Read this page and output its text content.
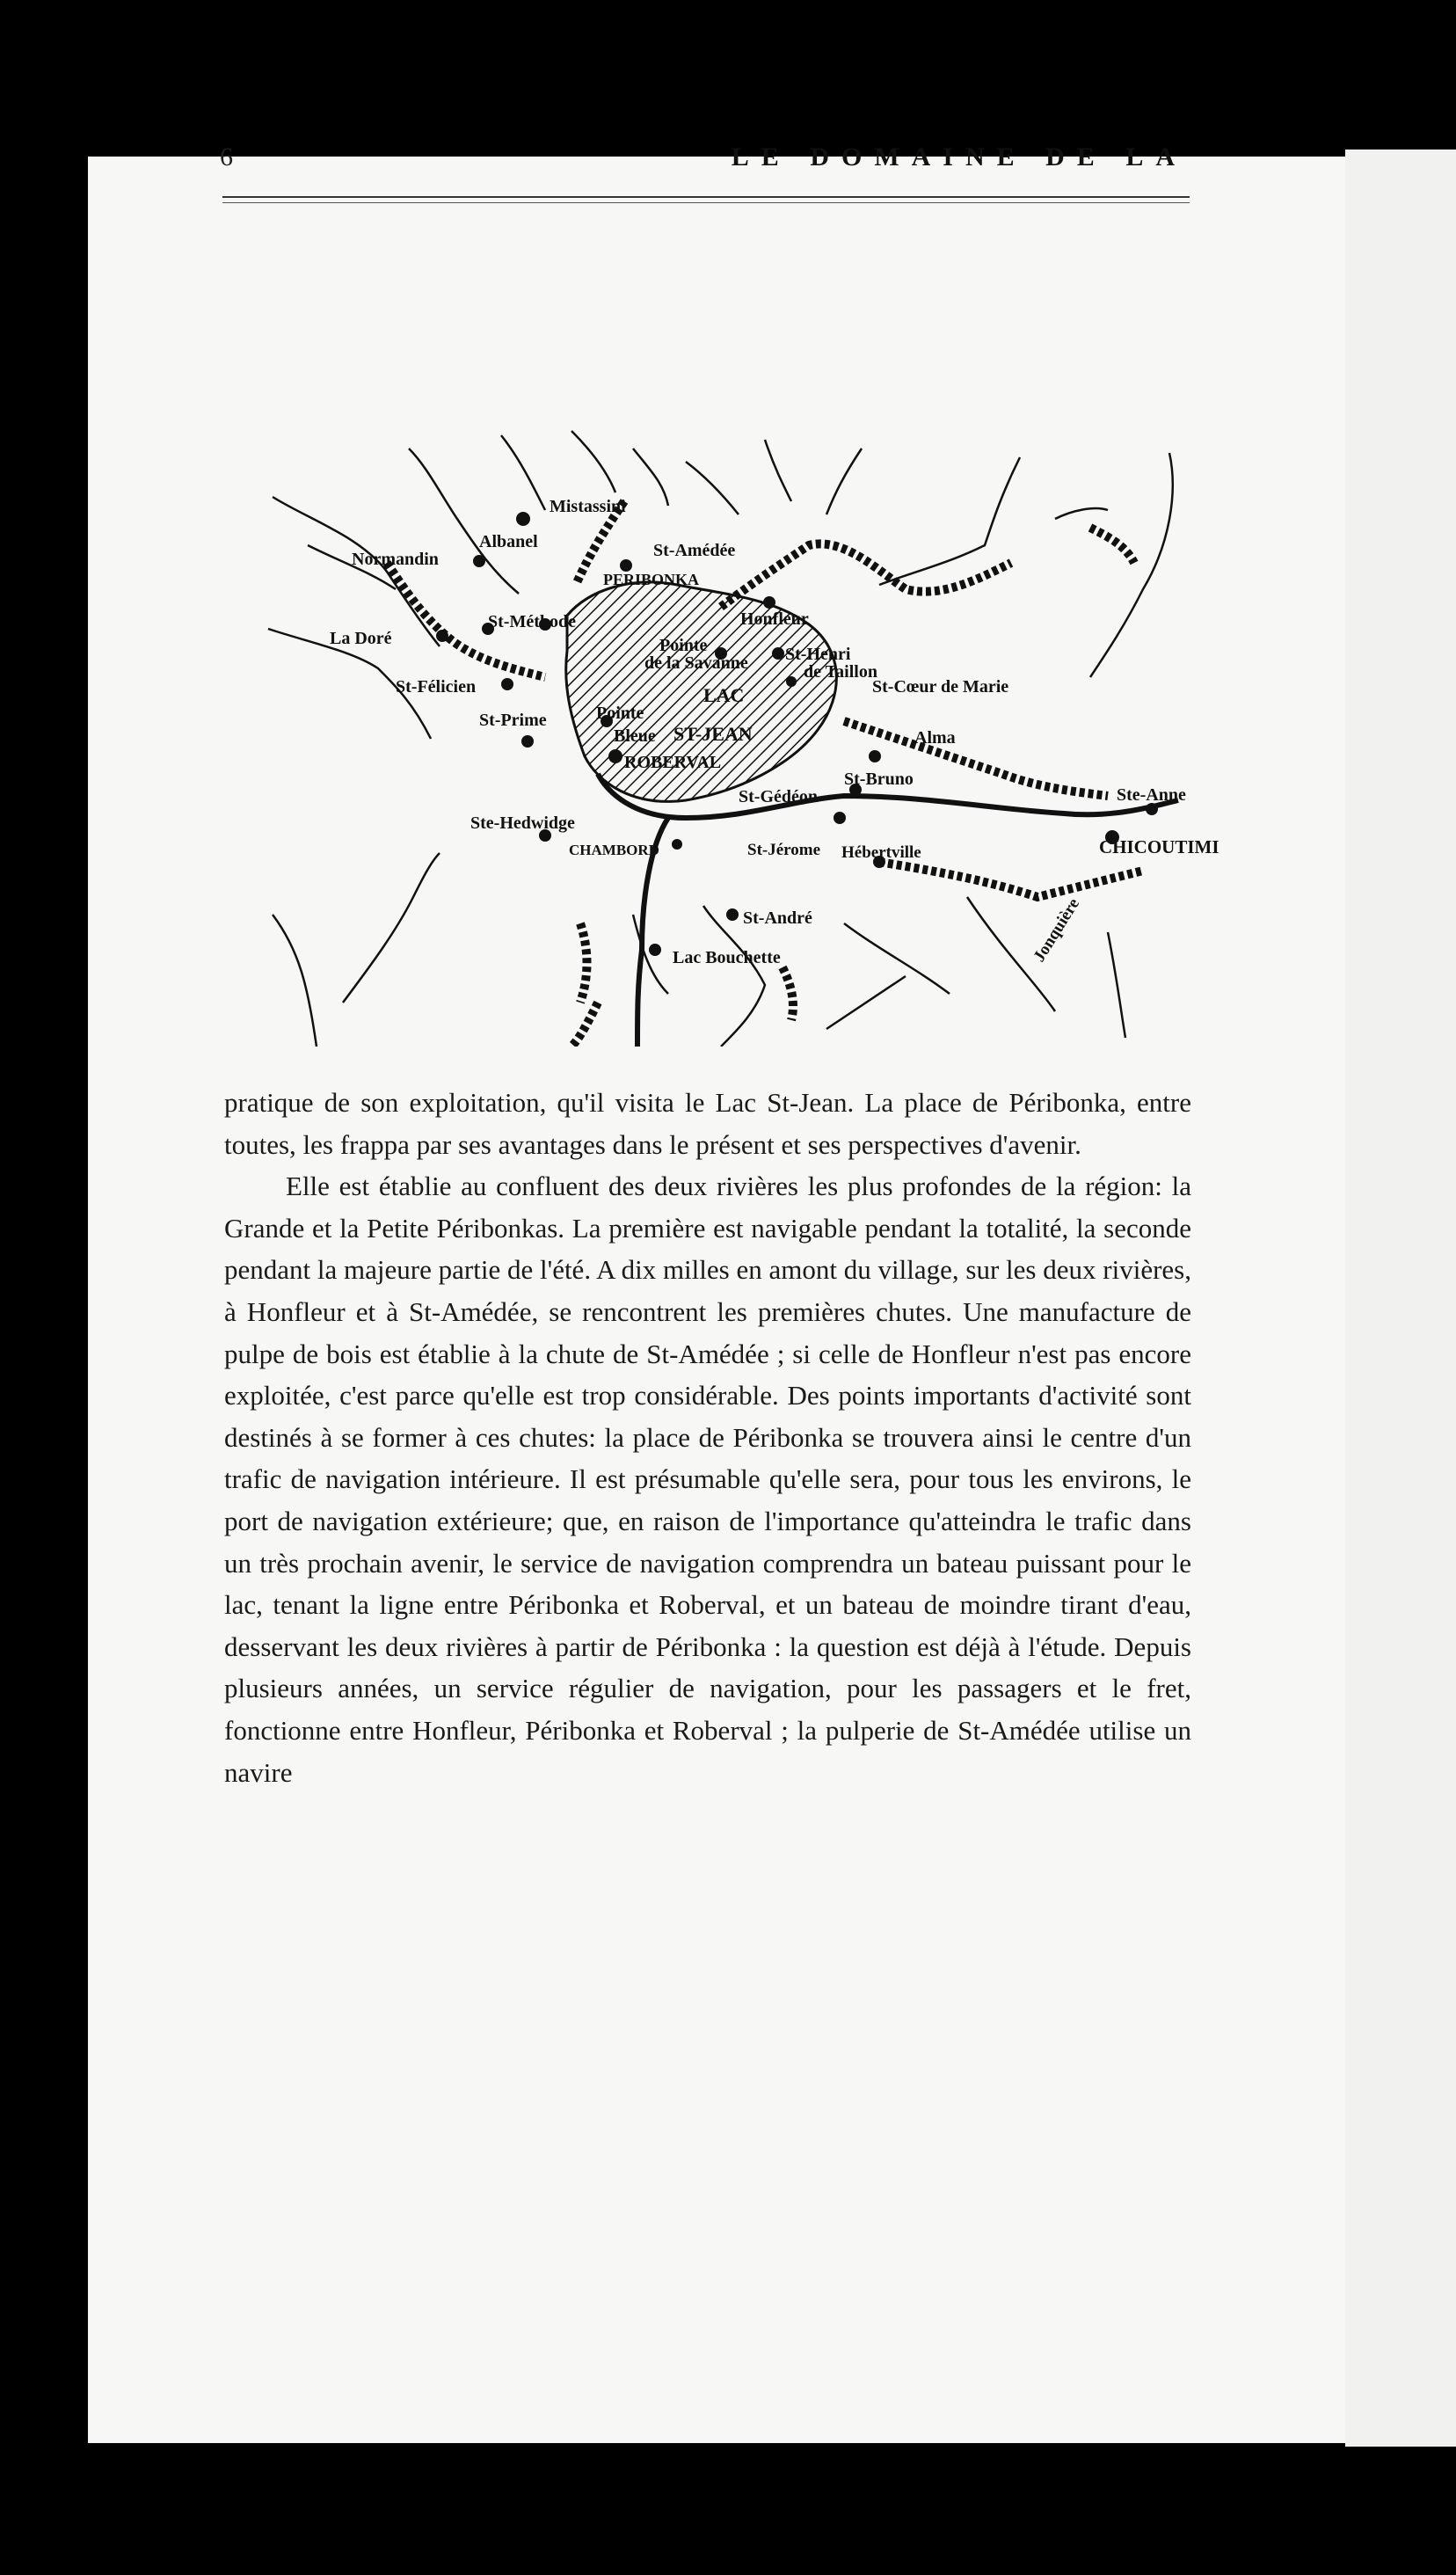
6	LE DOMAINE DE LA
Mistassini
St-Amédée
Albanel
Normandin
PERIBONKA
Honfleur
St-Méthode
La Doré	Pointe
de la Savanne St-Henri
de Taillon
St-Félicien	LAC	St-Cœur de Marie
St-Prime	Pointe
Bleue ST-JEAN	Alma
ROBERVAL
St-Bruno
St-Gédéon	Ste-Anne
Ste-Hedwidge
CHAMBORD	St-Jérome Hébertville	CHICOUTIMI
Jonquière
St-André
Lac Bouchette

pratique de son exploitation, qu'il visita le Lac St-Jean. La place de Péribonka, entre toutes, les frappa par ses avantages dans le présent et ses perspectives d'avenir.

Elle est établie au confluent des deux rivières les plus profondes de la région: la Grande et la Petite Péribonkas. La première est navigable pendant la totalité, la seconde pendant la majeure partie de l'été. A dix milles en amont du village, sur les deux rivières, à Honfleur et à St-Amédée, se rencontrent les premières chutes. Une manufacture de pulpe de bois est établie à la chute de St-Amédée ; si celle de Honfleur n'est pas encore exploitée, c'est parce qu'elle est trop considérable. Des points importants d'activité sont destinés à se former à ces chutes: la place de Péribonka se trouvera ainsi le centre d'un trafic de navigation intérieure. Il est présumable qu'elle sera, pour tous les environs, le port de navigation extérieure; que, en raison de l'importance qu'atteindra le trafic dans un très prochain avenir, le service de navigation comprendra un bateau puissant pour le lac, tenant la ligne entre Péribonka et Roberval, et un bateau de moindre tirant d'eau, desservant les deux rivières à partir de Péribonka : la question est déjà à l'étude. Depuis plusieurs années, un service régulier de navigation, pour les passagers et le fret, fonctionne entre Honfleur, Péribonka et Roberval ; la pulperie de St-Amédée utilise un navire
